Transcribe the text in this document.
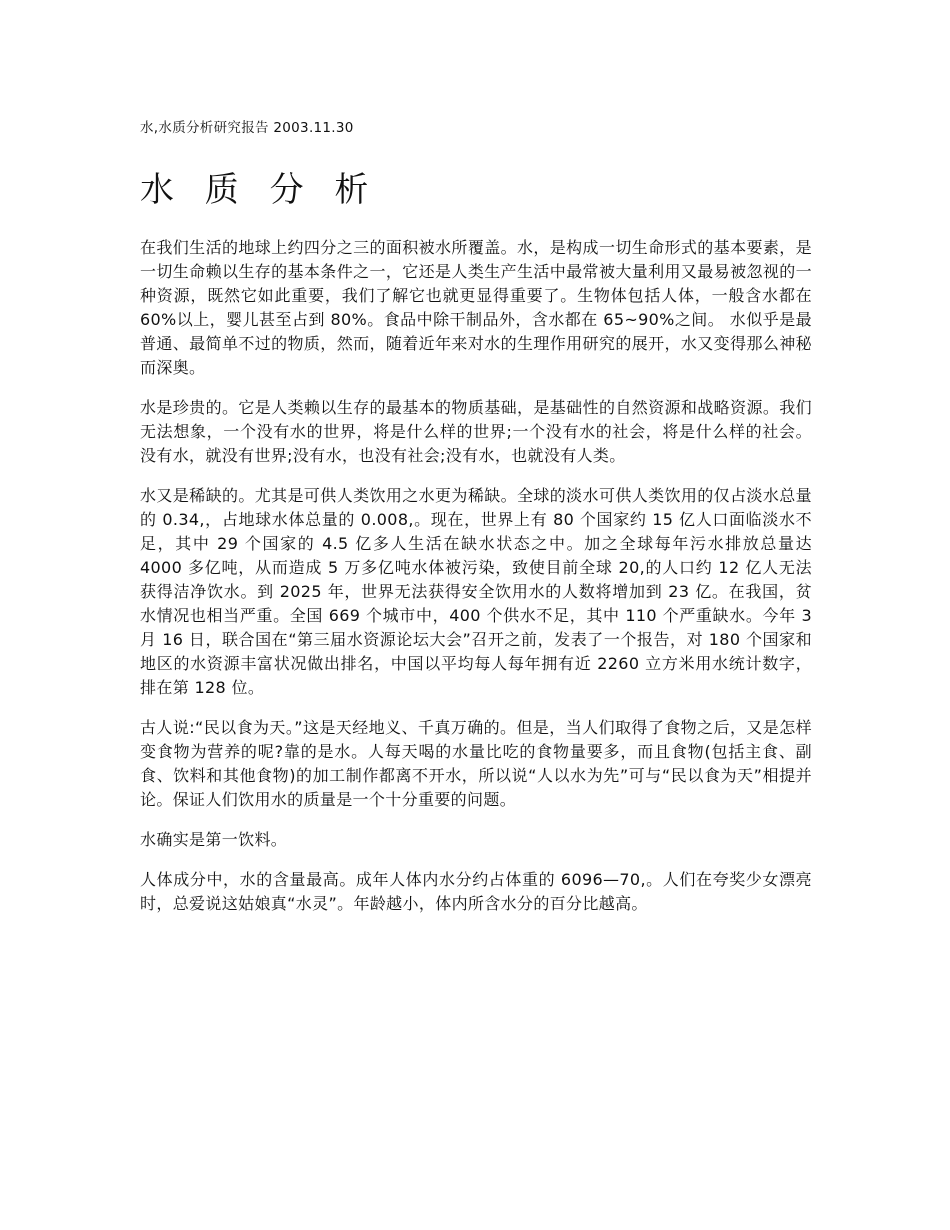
水,水质分析研究报告 2003.11.30

水 质 分 析

在我们生活的地球上约四分之三的面积被水所覆盖。水，是构成一切生命形式的基本要素，是一切生命赖以生存的基本条件之一，它还是人类生产生活中最常被大量利用又最易被忽视的一种资源，既然它如此重要，我们了解它也就更显得重要了。生物体包括人体，一般含水都在 60%以上，婴儿甚至占到 80%。食品中除干制品外，含水都在 65~90%之间。 水似乎是最普通、最简单不过的物质，然而，随着近年来对水的生理作用研究的展开，水又变得那么神秘而深奥。

水是珍贵的。它是人类赖以生存的最基本的物质基础，是基础性的自然资源和战略资源。我们无法想象，一个没有水的世界，将是什么样的世界;一个没有水的社会，将是什么样的社会。没有水，就没有世界;没有水，也没有社会;没有水，也就没有人类。

水又是稀缺的。尤其是可供人类饮用之水更为稀缺。全球的淡水可供人类饮用的仅占淡水总量的 0.34,，占地球水体总量的 0.008,。现在，世界上有 80 个国家约 15 亿人口面临淡水不足，其中 29 个国家的 4.5 亿多人生活在缺水状态之中。加之全球每年污水排放总量达 4000 多亿吨，从而造成 5 万多亿吨水体被污染，致使目前全球 20,的人口约 12 亿人无法获得洁净饮水。到 2025 年，世界无法获得安全饮用水的人数将增加到 23 亿。在我国，贫水情况也相当严重。全国 669 个城市中，400 个供水不足，其中 110 个严重缺水。今年 3 月 16 日，联合国在“第三届水资源论坛大会”召开之前，发表了一个报告，对 180 个国家和地区的水资源丰富状况做出排名，中国以平均每人每年拥有近 2260 立方米用水统计数字，排在第 128 位。

古人说:“民以食为天。”这是天经地义、千真万确的。但是，当人们取得了食物之后，又是怎样变食物为营养的呢?靠的是水。人每天喝的水量比吃的食物量要多，而且食物(包括主食、副食、饮料和其他食物)的加工制作都离不开水，所以说“人以水为先”可与“民以食为天”相提并论。保证人们饮用水的质量是一个十分重要的问题。

水确实是第一饮料。

人体成分中，水的含量最高。成年人体内水分约占体重的 6096—70,。人们在夸奖少女漂亮时，总爱说这姑娘真“水灵”。年龄越小，体内所含水分的百分比越高。
